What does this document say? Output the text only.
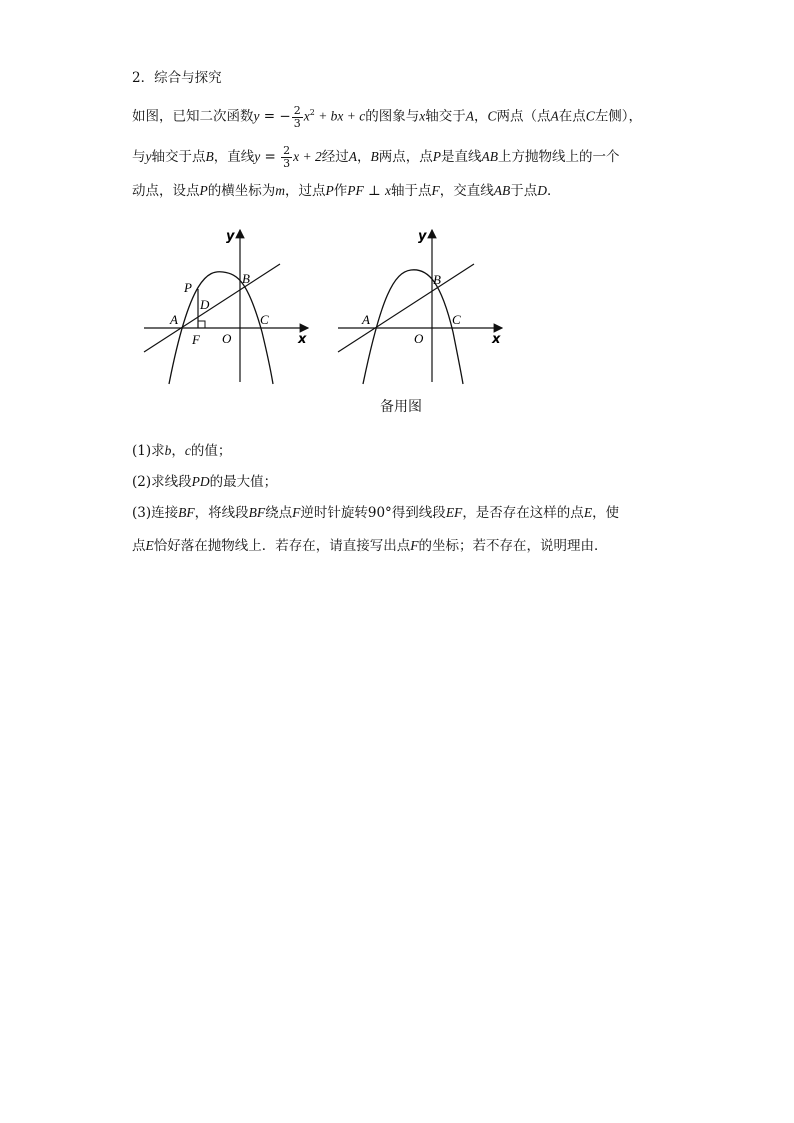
2．综合与探究
如图，已知二次函数y = − $\frac{2}{3} x^2$ + bx + c的图象与x轴交于A，C两点（点A在点C左侧），
与y轴交于点B，直线$y = \frac{2}{3}$ x + 2经过A，B两点，点P是直线AB上方抛物线上的一个
动点，设点P的横坐标为m，过点P作PF ⊥ x轴于点F，交直线AB于点D．
y
x
A
B
C
O
P
D
F
y
x
A
B
C
O
备用图
(1)求b，c的值；
(2)求线段PD的最大值；
(3)连接BF，将线段BF绕点F逆时针旋转90°得到线段EF，是否存在这样的点E，使
点E恰好落在抛物线上．若存在，请直接写出点F的坐标；若不存在，说明理由．
